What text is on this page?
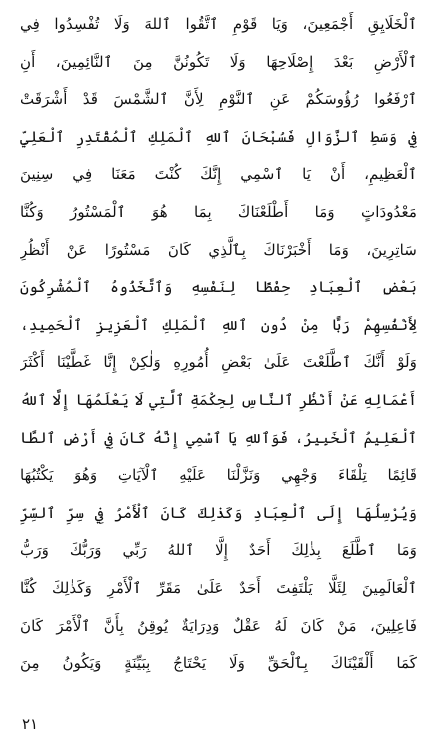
ٱلْخَلَايِقِ أَجْمَعِينَ، وَيَا قَوْمِ ٱتَّقُوا ٱللهَ وَلَا تُفْسِدُوا فِي
ٱلْأَرْضِ بَعْدَ إِصْلَاحِهَا وَلَا تَكُونُنَّ مِنَ ٱلنَّائِمِينَ، أَنِ
ٱرْفَعُوا رُؤُوسَكُمْ عَنِ ٱلنَّوْمِ لِأَنَّ ٱلشَّمْسَ قَدْ أَشْرَقَتْ
فِي وَسَطِ ٱلزَّوَالِ فَسُبْحَانَ ٱللهِ ٱلْمَلِكِ ٱلْمُقْتَدِرِ ٱلْعَلِيِّ
ٱلْعَظِيمِ، أَنْ يَا ٱسْمِي إِنَّكَ كُنْتَ مَعَنَا فِي سِنِينَ
مَعْدُودَاتٍ وَمَا أَطْلَعْنَاكَ بِمَا هُوَ ٱلْمَسْتُورُ وَكُنَّا
سَاتِرِينَ، وَمَا أَخْبَرْنَاكَ بِٱلَّذِي كَانَ مَسْتُورًا عَنْ أَنْظُرِ
بَعْضِ ٱلْعِبَادِ حِفْظًا لِنَفْسِهِ وَٱتَّخَذُوهُ ٱلْمُشْرِكُونَ
لِأَنْفُسِهِمْ رَبًّا مِنْ دُونِ ٱللهِ ٱلْمَلِكِ ٱلْعَزِيزِ ٱلْحَمِيدِ،
وَلَوْ أَنَّكَ ٱطَّلَعْتَ عَلَىٰ بَعْضِ أُمُورِهِ وَلٰكِنْ إِنَّا غَطَّيْنَا أَكْثَرَ
أَعْمَالِهِ عَنْ أَنْظُرِ ٱلنَّاسِ لِحِكْمَةِ ٱلَّتِي لَا يَعْلَمُهَا إِلَّا ٱللهُ
ٱلْعَلِيمُ ٱلْخَبِيرُ، فَوَٱللهِ يَا ٱسْمِي إِنَّهُ كَانَ فِي أَرْضِ ٱلطَّا
قَائِمًا تِلْقَاءَ وَجْهِي وَنَزَّلْنَا عَلَيْهِ ٱلْآيَاتِ وَهُوَ يَكْتُبُهَا
وَيُرْسِلُهَا إِلَى ٱلْعِبَادِ وَكَذٰلِكَ كَانَ ٱلْأَمْرُ فِي سِرِّ ٱلسِّرِّ
وَمَا ٱطَّلَعَ بِذٰلِكَ أَحَدٌ إِلَّا ٱللهُ رَبِّي وَرَبُّكَ وَرَبُّ
ٱلْعَالَمِينَ لِئَلَّا يَلْتَفِتَ أَحَدٌ عَلَىٰ مَقَرِّ ٱلْأَمْرِ وَكَذٰلِكَ كُنَّا
فَاعِلِينَ، مَنْ كَانَ لَهُ عَقْلٌ وَدِرَايَةٌ يُوقِنُ بِأَنَّ ٱلْأَمْرَ كَانَ
كَمَا أَلْقَيْنَاكَ بِٱلْحَقِّ وَلَا يَحْتَاجُ بِبَيِّنَةٍ وَيَكُونُ مِنَ
٢١
